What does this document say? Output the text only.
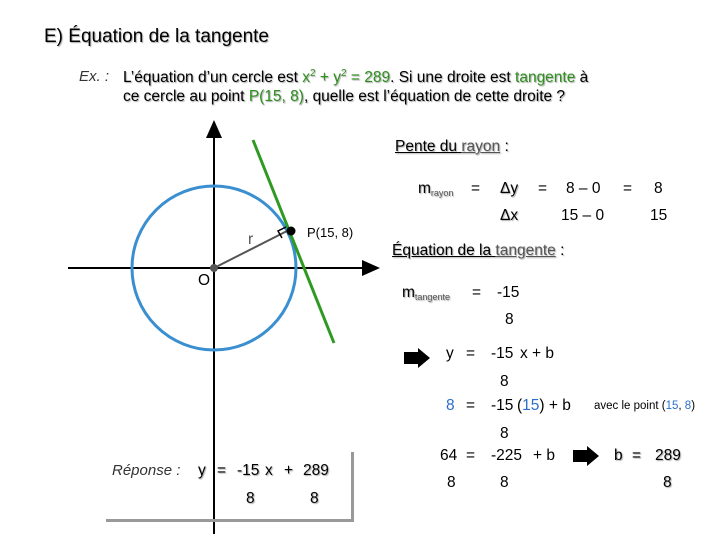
E) Équation de la tangente
Ex. : L’équation d’un cercle est $x^2 + y^2 = 289$. Si une droite est tangente à
ce cercle au point P(15, 8), quelle est l’équation de cette droite ?
O
r	P(15, 8)
Pente du rayon :
$m_{rayon} = \Delta y$
Δx
= 8 – 0
15 – 0
= 8
15
Équation de la tangente :
$m_{tangente} = -15$
8
y = -15
8
x + b
8 = -15
8
(15) + b avec le point (15, 8)
64
8
= -225
8
+ b	b = 289
8
Réponse : y = -15
8
x + 289
8
